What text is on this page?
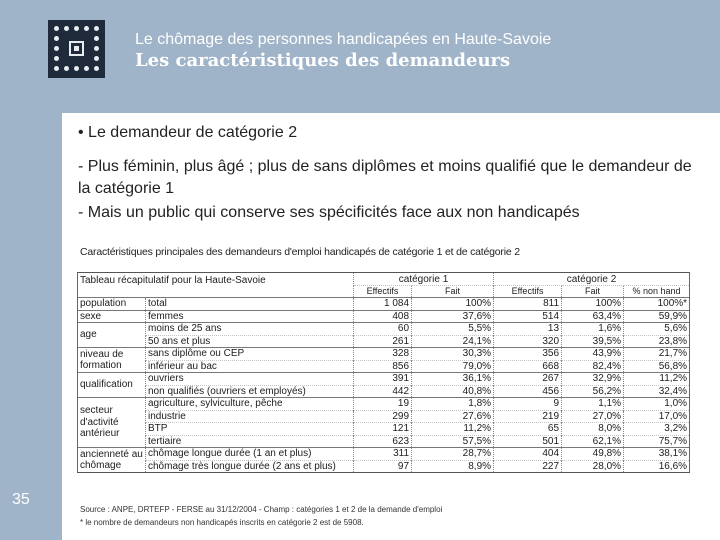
Le chômage des personnes handicapées en Haute-Savoie
Les caractéristiques des demandeurs
• Le demandeur de catégorie 2
- Plus féminin, plus âgé ; plus de sans diplômes et moins qualifié que le demandeur de la catégorie 1
- Mais un public qui conserve ses spécificités face aux non handicapés
Caractéristiques principales des demandeurs d'emploi handicapés de catégorie 1 et de catégorie 2
Tableau récapitulatif pour la Haute-Savoie		catégorie 1		catégorie 2		
		Effectifs	Fait	Effectifs	Fait	% non hand
population	total	1 084	100%	811	100%	100%*
sexe	femmes	408	37,6%	514	63,4%	59,9%
age	moins de 25 ans	60	5,5%	13	1,6%	5,6%
	50 ans et plus	261	24,1%	320	39,5%	23,8%
niveau de formation	sans diplôme ou CEP	328	30,3%	356	43,9%	21,7%
	inférieur au bac	856	79,0%	668	82,4%	56,8%
qualification	ouvriers	391	36,1%	267	32,9%	11,2%
	non qualifiés (ouvriers et employés)	442	40,8%	456	56,2%	32,4%
secteur d'activité antérieur	agriculture, sylviculture, pêche	19	1,8%	9	1,1%	1,0%
	industrie	299	27,6%	219	27,0%	17,0%
	BTP	121	11,2%	65	8,0%	3,2%
	tertiaire	623	57,5%	501	62,1%	75,7%
ancienneté au chômage	chômage longue durée (1 an et plus)	311	28,7%	404	49,8%	38,1%
	chômage très longue durée (2 ans et plus)	97	8,9%	227	28,0%	16,6%
Source : ANPE, DRTEFP - FERSE au 31/12/2004 - Champ : catégories 1 et 2 de la demande d'emploi
* le nombre de demandeurs non handicapés inscrits en catégorie 2 est de 5908.
35
